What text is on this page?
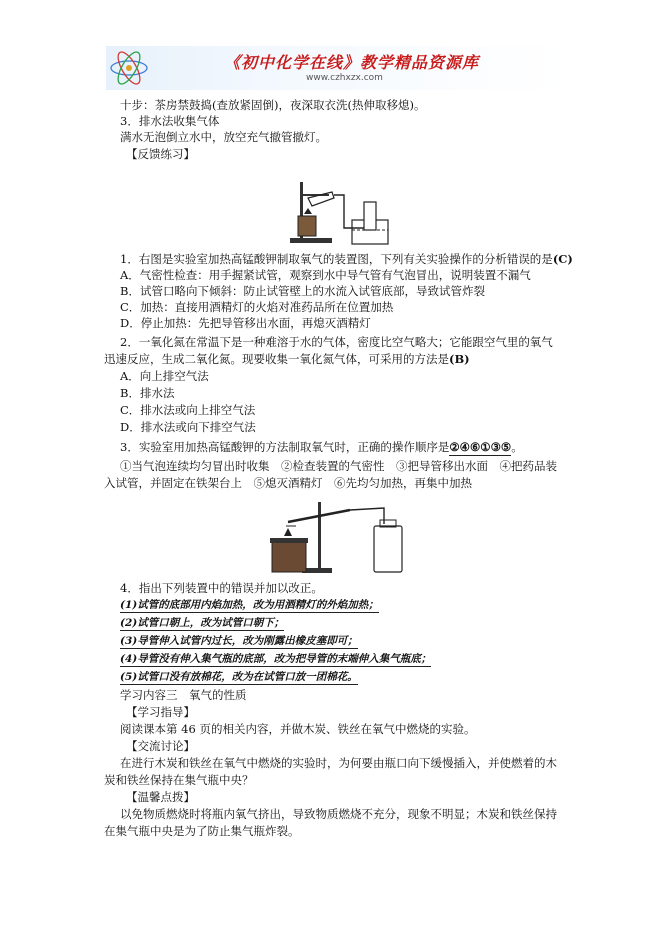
《初中化学在线》教学精品资源库
www.czhxzx.com
十步：茶房禁鼓捣(查放紧固倒)，夜深取衣洗(热伸取移熄)。
3．排水法收集气体
满水无泡倒立水中，放空充气撤管撤灯。
【反馈练习】
1．右图是实验室加热高锰酸钾制取氧气的装置图，下列有关实验操作的分析错误的是(C)
A．气密性检查：用手握紧试管，观察到水中导气管有气泡冒出，说明装置不漏气
B．试管口略向下倾斜：防止试管壁上的水流入试管底部，导致试管炸裂
C．加热：直接用酒精灯的火焰对准药品所在位置加热
D．停止加热：先把导管移出水面，再熄灭酒精灯
2．一氧化氮在常温下是一种难溶于水的气体，密度比空气略大；它能跟空气里的氧气
迅速反应，生成二氧化氮。现要收集一氧化氮气体，可采用的方法是(B)
A．向上排空气法
B．排水法
C．排水法或向上排空气法
D．排水法或向下排空气法
3．实验室用加热高锰酸钾的方法制取氧气时，正确的操作顺序是②④⑥①③⑤。
①当气泡连续均匀冒出时收集　②检查装置的气密性　③把导管移出水面　④把药品装
入试管，并固定在铁架台上　⑤熄灭酒精灯　⑥先均匀加热，再集中加热
4．指出下列装置中的错误并加以改正。
(1)试管的底部用内焰加热，改为用酒精灯的外焰加热；
(2)试管口朝上，改为试管口朝下；
(3)导管伸入试管内过长，改为刚露出橡皮塞即可；
(4)导管没有伸入集气瓶的底部，改为把导管的末端伸入集气瓶底；
(5)试管口没有放棉花，改为在试管口放一团棉花。
学习内容三　氧气的性质
【学习指导】
阅读课本第 46 页的相关内容，并做木炭、铁丝在氧气中燃烧的实验。
【交流讨论】
在进行木炭和铁丝在氧气中燃烧的实验时，为何要由瓶口向下缓慢插入，并使燃着的木
炭和铁丝保持在集气瓶中央？
【温馨点拨】
以免物质燃烧时将瓶内氧气挤出，导致物质燃烧不充分，现象不明显；木炭和铁丝保持
在集气瓶中央是为了防止集气瓶炸裂。
